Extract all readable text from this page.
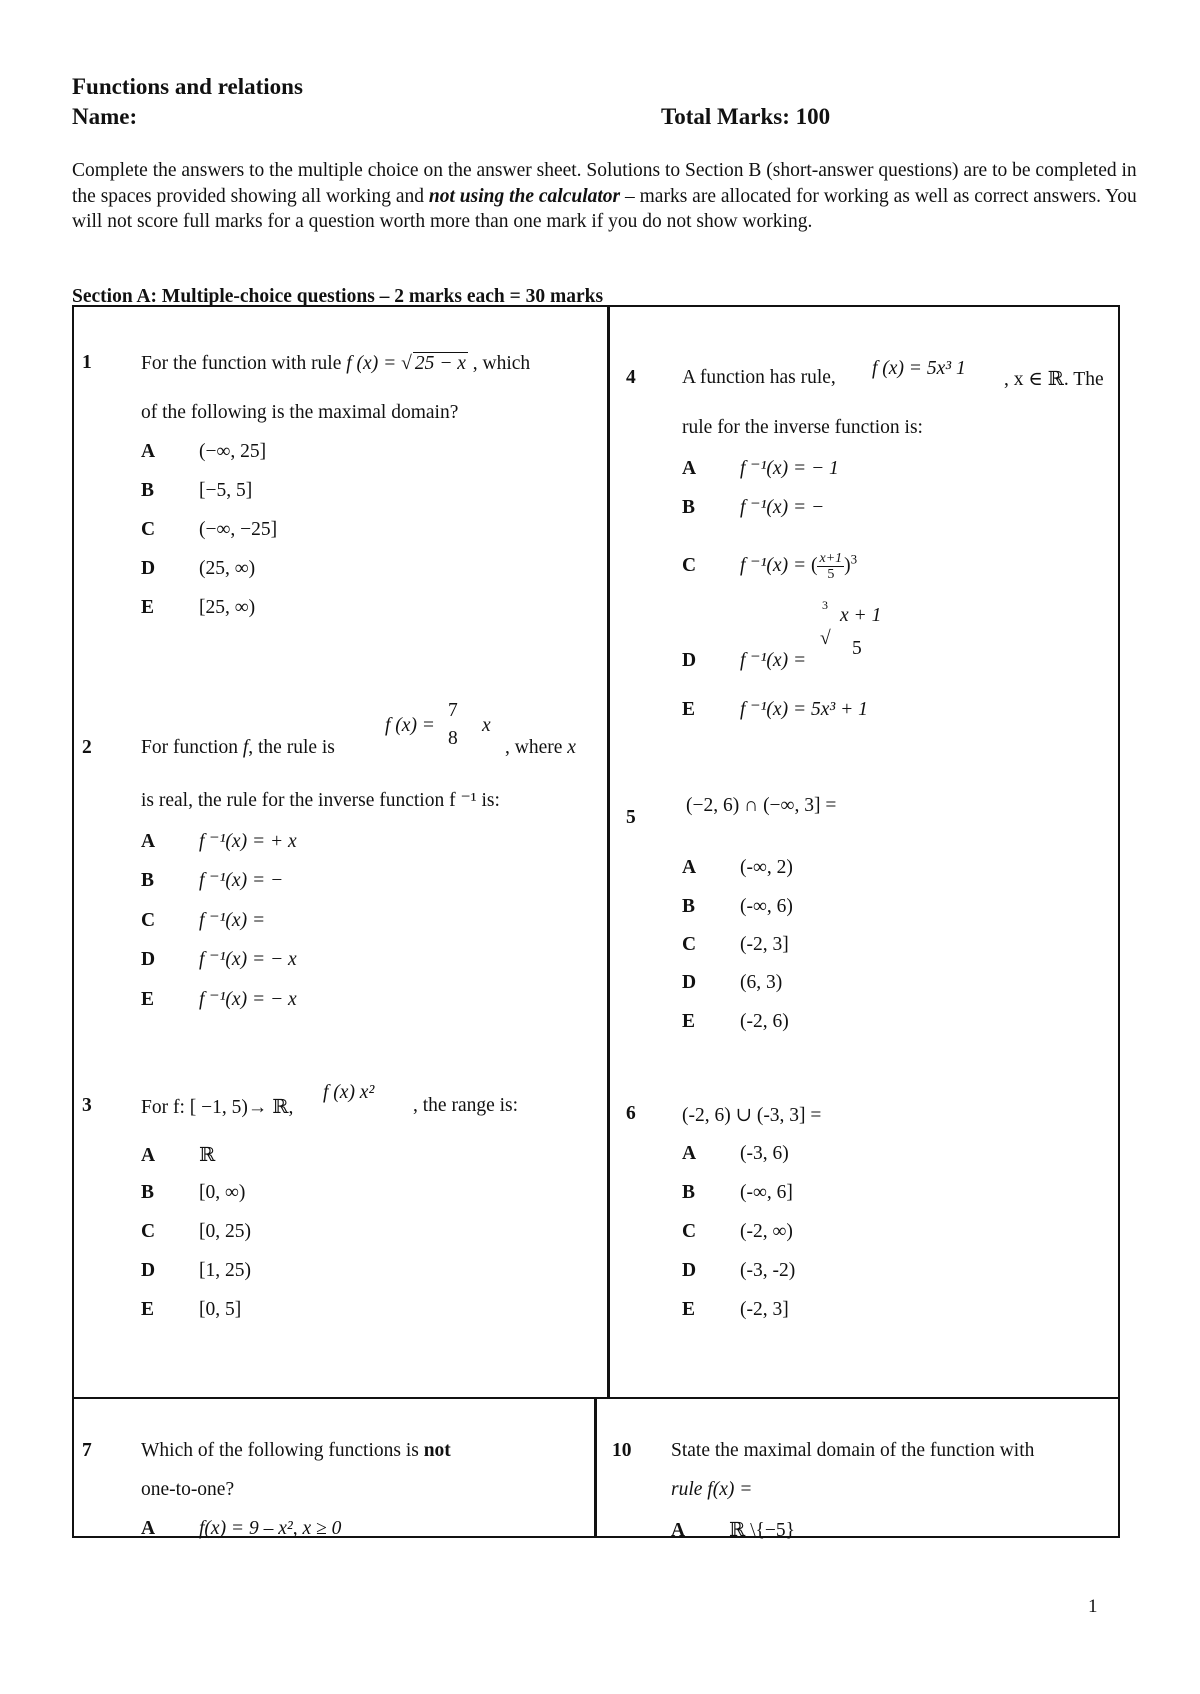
Functions and relations
Name:	Total Marks: 100
Complete the answers to the multiple choice on the answer sheet. Solutions to Section B (short-answer questions) are to be completed in the spaces provided showing all working and not using the calculator – marks are allocated for working as well as correct answers. You will not score full marks for a question worth more than one mark if you do not show working.
Section A: Multiple-choice questions – 2 marks each = 30 marks
1	For the function with rule f (x) = √ 25 − x , which
of the following is the maximal domain?
A (−∞, 25]
B [−5, 5]
C (−∞, −25]
D (25, ∞)
E [25, ∞)
f (x) =
7
8
x
2	For function f, the rule is	, where x
is real, the rule for the inverse function f ⁻¹ is:
A f ⁻¹(x) = + x
B f ⁻¹(x) = −
C f ⁻¹(x) =
D f ⁻¹(x) = − x
E f ⁻¹(x) = − x
3	For f: [ −1, 5)→ ℝ,
f (x) x²
, the range is:
A ℝ
B [0, ∞)
C [0, 25)
D [1, 25)
E [0, 5]
4 A function has rule, f (x) = 5x³ 1
, x ∈ ℝ. The
rule for the inverse function is:
A f ⁻¹(x) = − 1
B f ⁻¹(x) = −
C f ⁻¹(x) = ( $\frac{x+1}{5} )^3$
3 x + 1
√ 5
D f ⁻¹(x) =
E f ⁻¹(x) = 5x³ + 1
(−2, 6) ∩ (−∞, 3] =
5
A (-∞, 2)
B (-∞, 6)
C (-2, 3]
D (6, 3)
E (-2, 6)
6 (-2, 6) ∪ (-3, 3] =
A (-3, 6)
B (-∞, 6]
C (-2, ∞)
D (-3, -2)
E (-2, 3]
7	Which of the following functions is not
one-to-one?
A f(x) = 9 – x², x ≥ 0
10 State the maximal domain of the function with
rule f(x) =
A ℝ \{−5}
1
